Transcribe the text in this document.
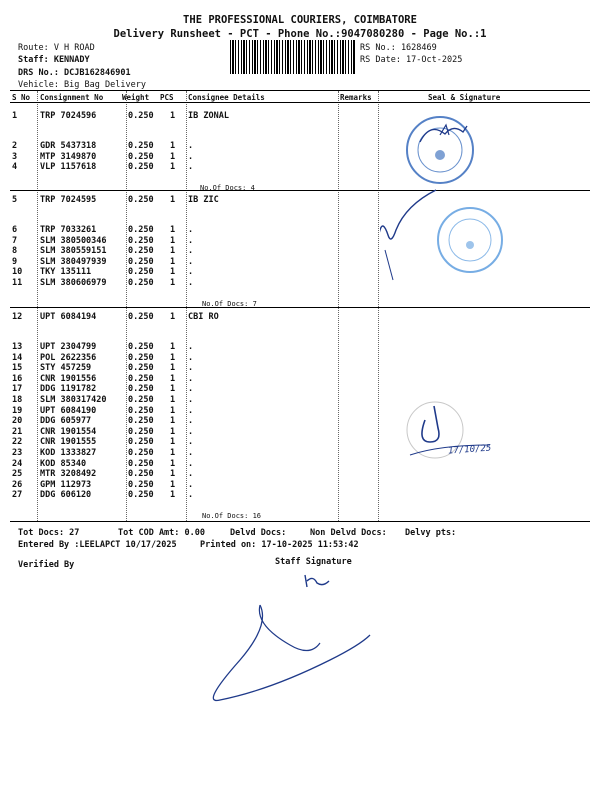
THE PROFESSIONAL COURIERS, COIMBATORE
Delivery Runsheet - PCT - Phone No.:9047080280 - Page No.:1
Route: V H ROAD
Staff: KENNADY
DRS No.: DCJB162846901
Vehicle: Big Bag Delivery
RS No.: 1628469
RS Date: 17-Oct-2025
S No Consignment No	Weight PCS Consignee Details	Remarks	Seal & Signature
1	TRP 7024596	0.250 1 IB ZONAL
2	GDR 5437318	0.250 1 .
3	MTP 3149870	0.250 1 .
4	VLP 1157618	0.250 1 .
No.Of Docs: 4
5	TRP 7024595	0.250 1 IB ZIC
6	TRP 7033261	0.250 1 .
7	SLM 380500346	0.250 1 .
8	SLM 380559151	0.250 1 .
9	SLM 380497939	0.250 1 .
10 TKY 135111	0.250 1 .
11 SLM 380606979	0.250 1 .
No.Of Docs: 7
12 UPT 6084194	0.250 1 CBI RO
13 UPT 2304799	0.250 1 .
14 POL 2622356	0.250 1 .
15 STY 457259	0.250 1 .
16 CNR 1901556	0.250 1 .
17 DDG 1191782	0.250 1 .
18 SLM 380317420	0.250 1 .
19 UPT 6084190	0.250 1 .
20 DDG 605977	0.250 1 .
21 CNR 1901554	0.250 1 .
22 CNR 1901555	0.250 1 .
23 KOD 1333827	0.250 1 .
24 KOD 85340	0.250 1 .
25 MTR 3208492	0.250 1 .
26 GPM 112973	0.250 1 .
27 DDG 606120	0.250 1 .
No.Of Docs: 16
17/10/25
Tot Docs: 27	Tot COD Amt: 0.00	Delvd Docs:	Non Delvd Docs: Delvy pts:
Entered By :LEELAPCT 10/17/2025	Printed on: 17-10-2025 11:53:42
Verified By	Staff Signature
